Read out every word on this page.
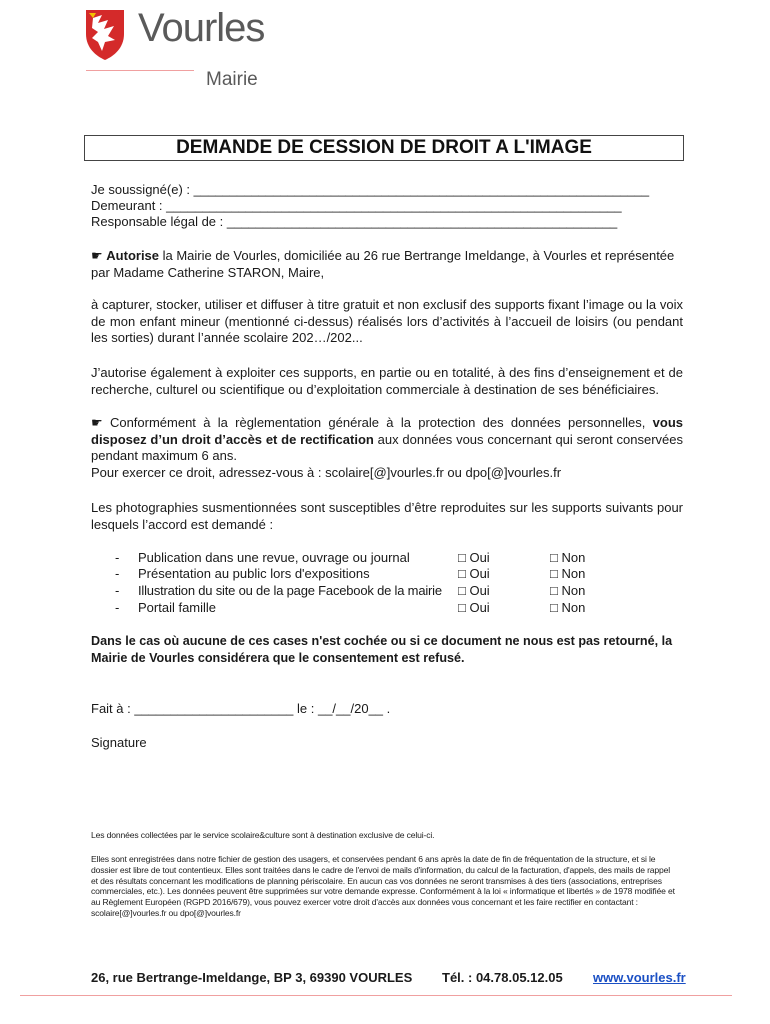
Vourles
Mairie
DEMANDE DE CESSION DE DROIT A L'IMAGE
Je soussigné(e) : _______________________________________________________________
Demeurant : _______________________________________________________________
Responsable légal de : ______________________________________________________
☛ Autorise la Mairie de Vourles, domiciliée au 26 rue Bertrange Imeldange, à Vourles et représentée par Madame Catherine STARON, Maire,
à capturer, stocker, utiliser et diffuser à titre gratuit et non exclusif des supports fixant l’image ou la voix de mon enfant mineur (mentionné ci-dessus) réalisés lors d’activités à l’accueil de loisirs (ou pendant les sorties) durant l’année scolaire 202…/202...
J’autorise également à exploiter ces supports, en partie ou en totalité, à des fins d’enseignement et de recherche, culturel ou scientifique ou d’exploitation commerciale à destination de ses bénéficiaires.
☛ Conformément à la règlementation générale à la protection des données personnelles, vous disposez d’un droit d’accès et de rectification aux données vous concernant qui seront conservées pendant maximum 6 ans.
Pour exercer ce droit, adressez-vous à : scolaire[@]vourles.fr ou dpo[@]vourles.fr
Les photographies susmentionnées sont susceptibles d’être reproduites sur les supports suivants pour lesquels l’accord est demandé :
- Publication dans une revue, ouvrage ou journal	□ Oui	□ Non
- Présentation au public lors d'expositions	□ Oui	□ Non
- Illustration du site ou de la page Facebook de la mairie □ Oui	□ Non
- Portail famille	□ Oui	□ Non
Dans le cas où aucune de ces cases n'est cochée ou si ce document ne nous est pas retourné, la Mairie de Vourles considérera que le consentement est refusé.
Fait à : ______________________ le : __/__/20__ .
Signature
Les données collectées par le service scolaire&culture sont à destination exclusive de celui-ci.
Elles sont enregistrées dans notre fichier de gestion des usagers, et conservées pendant 6 ans après la date de fin de fréquentation de la structure, et si le dossier est libre de tout contentieux. Elles sont traitées dans le cadre de l'envoi de mails d'information, du calcul de la facturation, d'appels, des mails de rappel et des résultats concernant les modifications de planning périscolaire. En aucun cas vos données ne seront transmises à des tiers (associations, entreprises commerciales, etc.). Les données peuvent être supprimées sur votre demande expresse. Conformément à la loi « informatique et libertés » de 1978 modifiée et au Règlement Européen (RGPD 2016/679), vous pouvez exercer votre droit d'accès aux données vous concernant et les faire rectifier en contactant : scolaire[@]vourles.fr ou dpo[@]vourles.fr
26, rue Bertrange-Imeldange, BP 3, 69390 VOURLES Tél. : 04.78.05.12.05 www.vourles.fr
